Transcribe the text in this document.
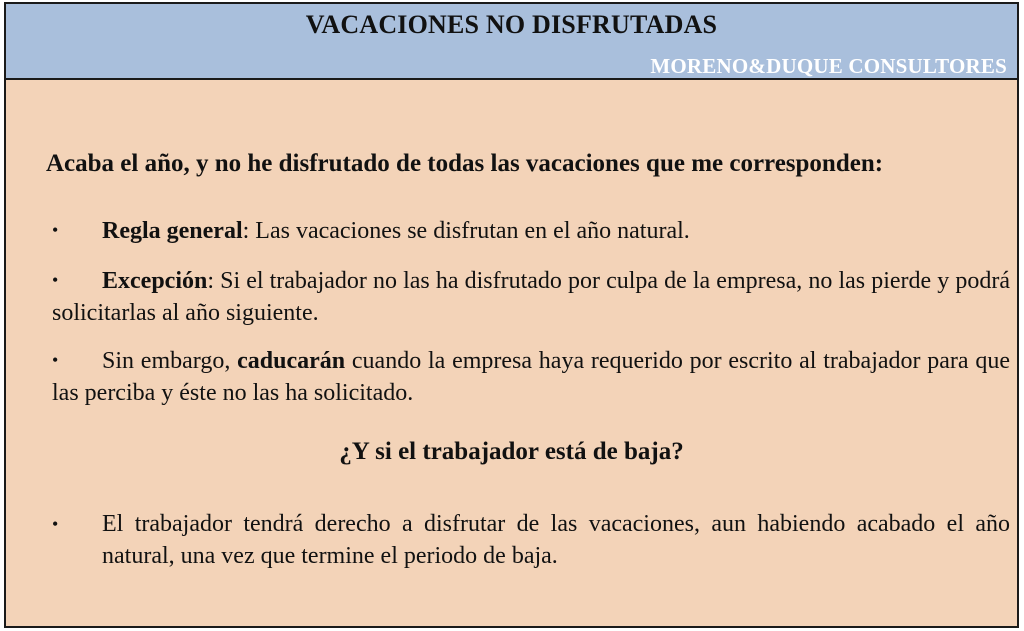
VACACIONES NO DISFRUTADAS
MORENO&DUQUE CONSULTORES
Acaba el año, y no he disfrutado de todas las vacaciones que me corresponden:
• Regla general: Las vacaciones se disfrutan en el año natural.
• Excepción: Si el trabajador no las ha disfrutado por culpa de la empresa, no las pierde y podrá solicitarlas al año siguiente.
• Sin embargo, caducarán cuando la empresa haya requerido por escrito al trabajador para que las perciba y éste no las ha solicitado.
¿Y si el trabajador está de baja?
•	El trabajador tendrá derecho a disfrutar de las vacaciones, aun habiendo acabado el año natural, una vez que termine el periodo de baja.
